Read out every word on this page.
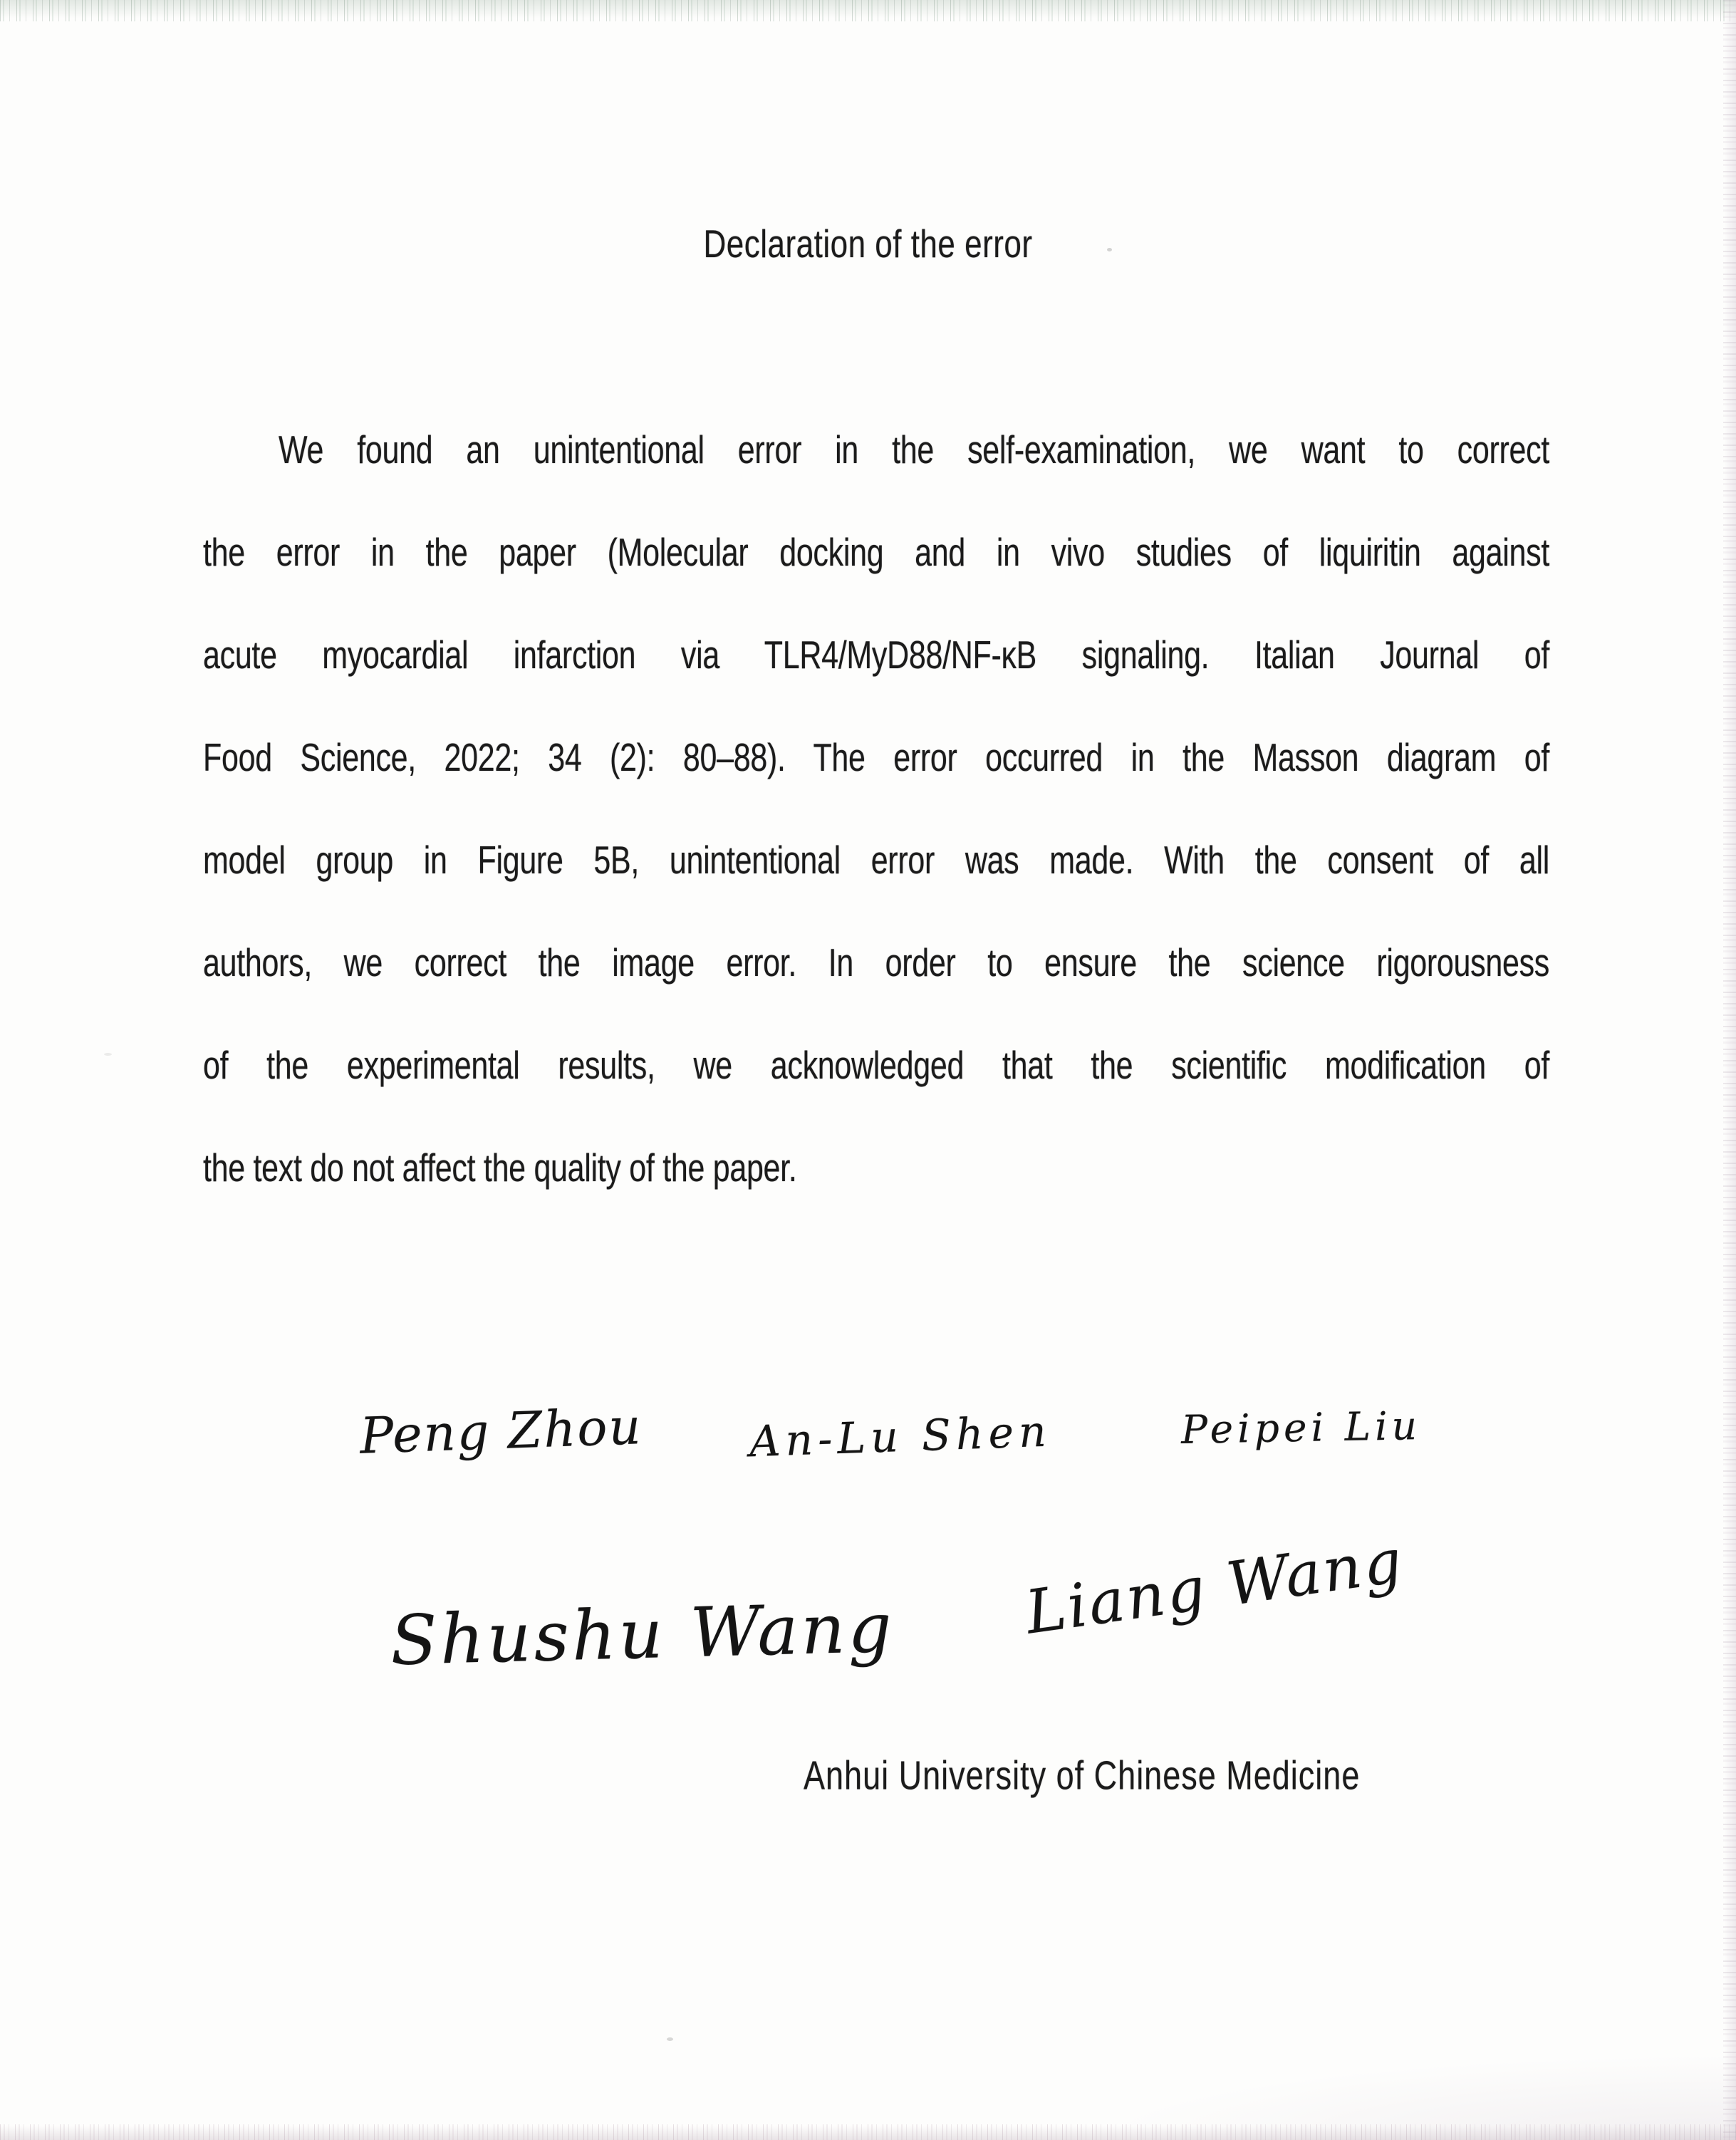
Declaration of the error
We found an unintentional error in the self-examination, we want to correct
the error in the paper (Molecular docking and in vivo studies of liquiritin against
acute myocardial infarction via TLR4/MyD88/NF-κB signaling. Italian Journal of
Food Science, 2022; 34 (2): 80–88). The error occurred in the Masson diagram of
model group in Figure 5B, unintentional error was made. With the consent of all
authors, we correct the image error. In order to ensure the science rigorousness
of the experimental results, we acknowledged that the scientific modification of
the text do not affect the quality of the paper.
Peng Zhou An-Lu Shen	Peipei Liu
Shushu Wang Liang Wang
Anhui University of Chinese Medicine
